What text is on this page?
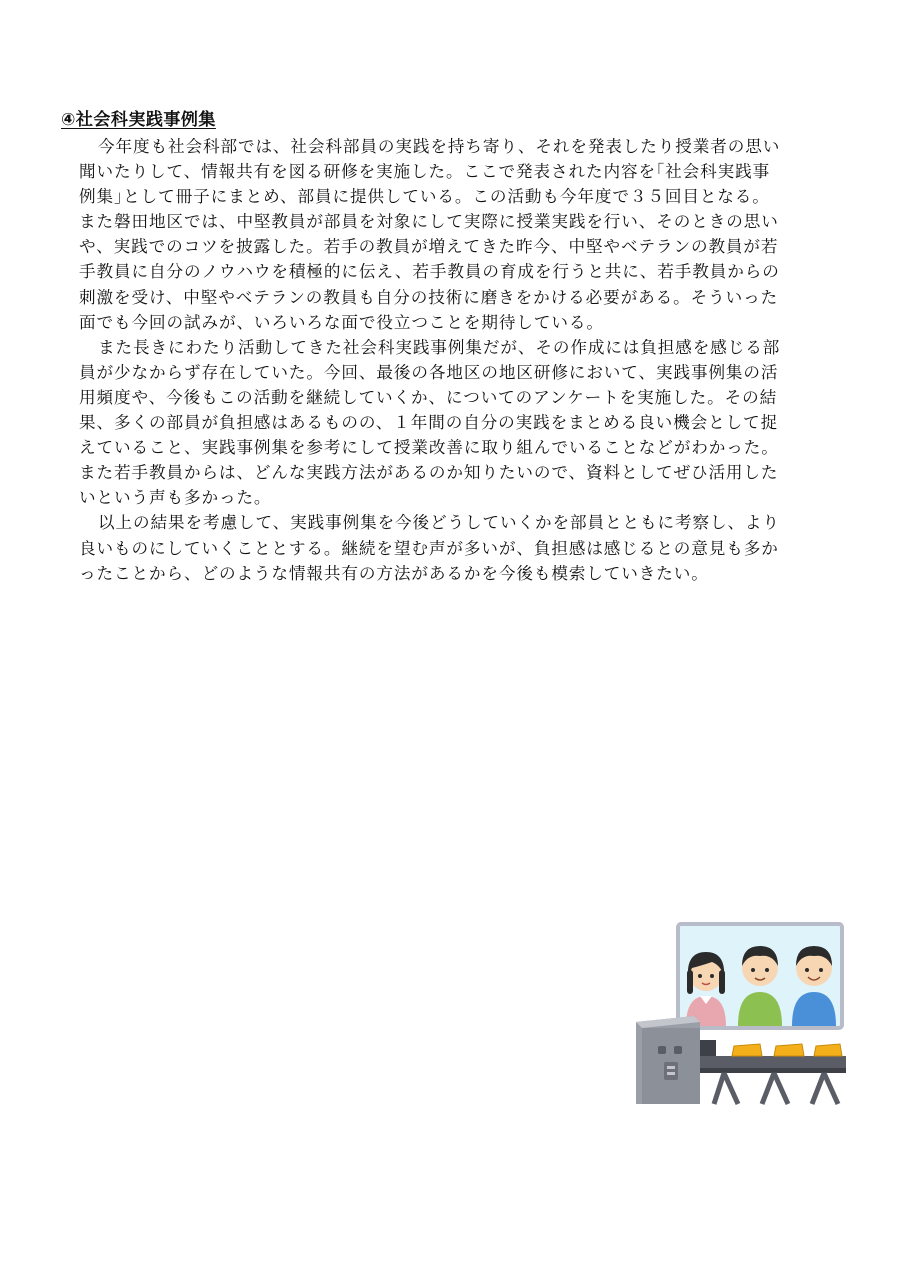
④社会科実践事例集
今年度も社会科部では、社会科部員の実践を持ち寄り、それを発表したり授業者の思い
聞いたりして、情報共有を図る研修を実施した。ここで発表された内容を｢社会科実践事
例集｣として冊子にまとめ、部員に提供している。この活動も今年度で３５回目となる。
また磐田地区では、中堅教員が部員を対象にして実際に授業実践を行い、そのときの思い
や、実践でのコツを披露した。若手の教員が増えてきた昨今、中堅やベテランの教員が若
手教員に自分のノウハウを積極的に伝え、若手教員の育成を行うと共に、若手教員からの
刺激を受け、中堅やベテランの教員も自分の技術に磨きをかける必要がある。そういった
面でも今回の試みが、いろいろな面で役立つことを期待している。
また長きにわたり活動してきた社会科実践事例集だが、その作成には負担感を感じる部
員が少なからず存在していた。今回、最後の各地区の地区研修において、実践事例集の活
用頻度や、今後もこの活動を継続していくか、についてのアンケートを実施した。その結
果、多くの部員が負担感はあるものの、１年間の自分の実践をまとめる良い機会として捉
えていること、実践事例集を参考にして授業改善に取り組んでいることなどがわかった。
また若手教員からは、どんな実践方法があるのか知りたいので、資料としてぜひ活用した
いという声も多かった。
以上の結果を考慮して、実践事例集を今後どうしていくかを部員とともに考察し、より
良いものにしていくこととする。継続を望む声が多いが、負担感は感じるとの意見も多か
ったことから、どのような情報共有の方法があるかを今後も模索していきたい。
